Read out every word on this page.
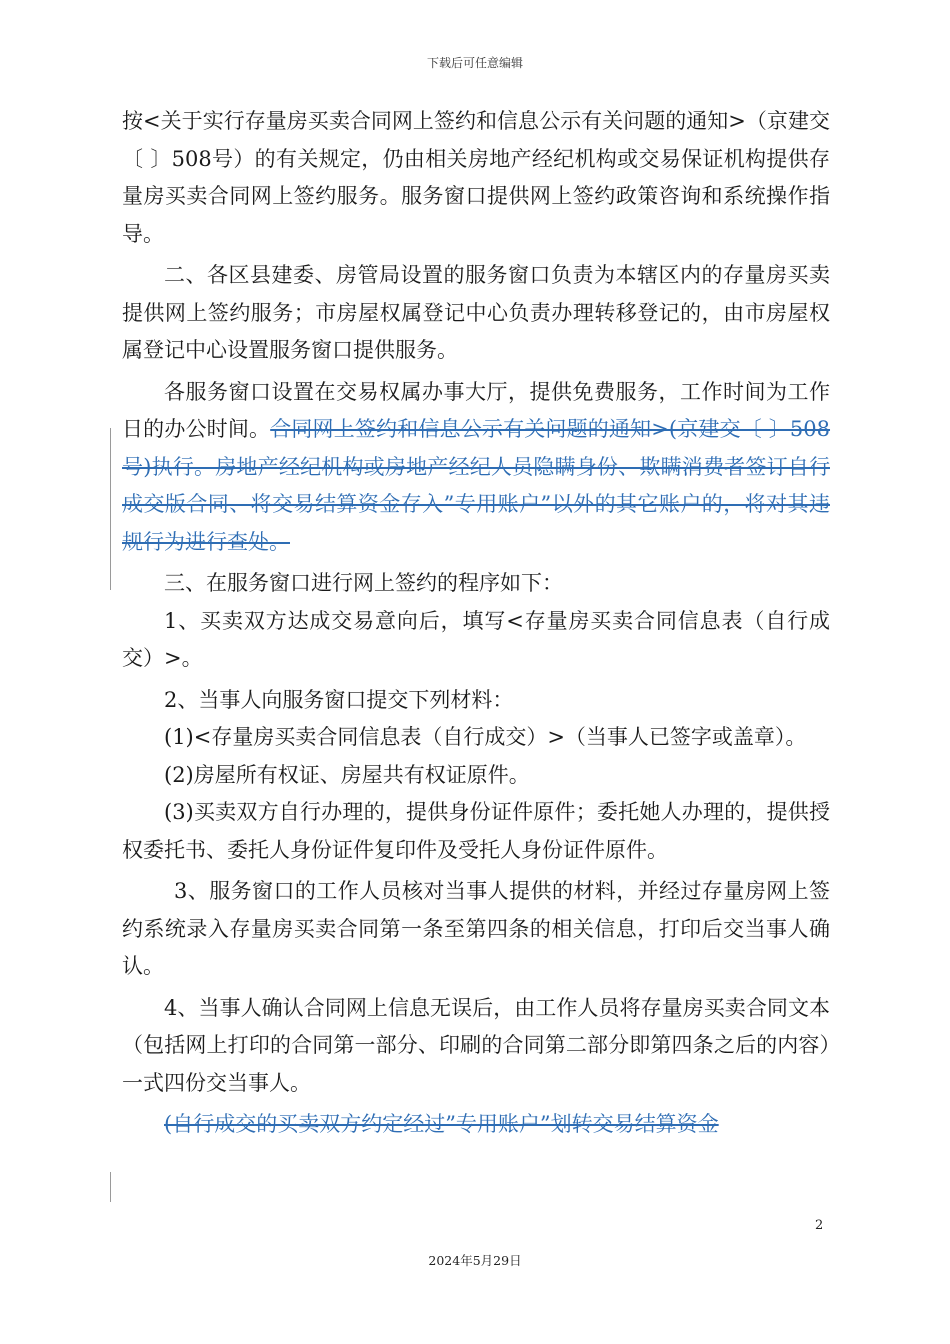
下载后可任意编辑

按<关于实行存量房买卖合同网上签约和信息公示有关问题的通知>（京建交〔 〕508号）的有关规定，仍由相关房地产经纪机构或交易保证机构提供存量房买卖合同网上签约服务。服务窗口提供网上签约政策咨询和系统操作指导。

二、各区县建委、房管局设置的服务窗口负责为本辖区内的存量房买卖提供网上签约服务；市房屋权属登记中心负责办理转移登记的，由市房屋权属登记中心设置服务窗口提供服务。

各服务窗口设置在交易权属办事大厅，提供免费服务，工作时间为工作日的办公时间。合同网上签约和信息公示有关问题的通知>(京建交〔 〕508号)执行。房地产经纪机构或房地产经纪人员隐瞒身份、欺瞒消费者签订自行成交版合同、将交易结算资金存入”专用账户”以外的其它账户的，将对其违规行为进行查处。

三、在服务窗口进行网上签约的程序如下：

1、买卖双方达成交易意向后，填写<存量房买卖合同信息表（自行成交）>。

2、当事人向服务窗口提交下列材料：

(1)<存量房买卖合同信息表（自行成交）>（当事人已签字或盖章）。

(2)房屋所有权证、房屋共有权证原件。

(3)买卖双方自行办理的，提供身份证件原件；委托她人办理的，提供授权委托书、委托人身份证件复印件及受托人身份证件原件。

3、服务窗口的工作人员核对当事人提供的材料，并经过存量房网上签约系统录入存量房买卖合同第一条至第四条的相关信息，打印后交当事人确认。

4、当事人确认合同网上信息无误后，由工作人员将存量房买卖合同文本（包括网上打印的合同第一部分、印刷的合同第二部分即第四条之后的内容）一式四份交当事人。

(自行成交的买卖双方约定经过”专用账户”划转交易结算资金

2
2024年5月29日
